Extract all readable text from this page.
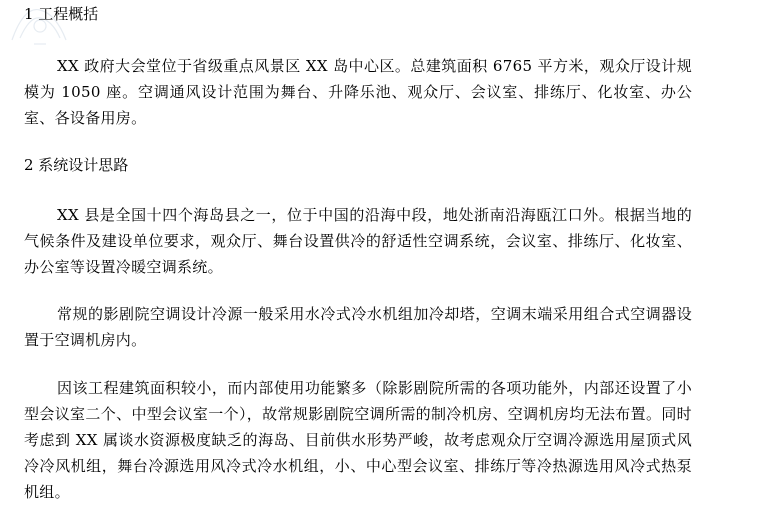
1 工程概括

XX 政府大会堂位于省级重点风景区 XX 岛中心区。总建筑面积 6765 平方米，观众厅设计规模为 1050 座。空调通风设计范围为舞台、升降乐池、观众厅、会议室、排练厅、化妆室、办公室、各设备用房。

2 系统设计思路

XX 县是全国十四个海岛县之一，位于中国的沿海中段，地处浙南沿海瓯江口外。根据当地的气候条件及建设单位要求，观众厅、舞台设置供冷的舒适性空调系统，会议室、排练厅、化妆室、办公室等设置冷暖空调系统。

常规的影剧院空调设计冷源一般采用水冷式冷水机组加冷却塔，空调末端采用组合式空调器设置于空调机房内。

因该工程建筑面积较小，而内部使用功能繁多（除影剧院所需的各项功能外，内部还设置了小型会议室二个、中型会议室一个），故常规影剧院空调所需的制冷机房、空调机房均无法布置。同时考虑到 XX 属谈水资源极度缺乏的海岛、目前供水形势严峻，故考虑观众厅空调冷源选用屋顶式风冷冷风机组，舞台冷源选用风冷式冷水机组，小、中心型会议室、排练厅等冷热源选用风冷式热泵机组。
